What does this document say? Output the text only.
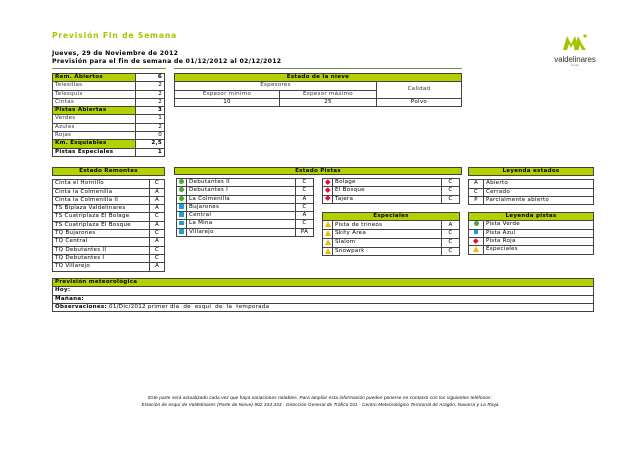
Previsión Fin de Semana
Jueves, 29 de Noviembre de 2012
Previsión para el fin de semana de 01/12/2012 al 02/12/2012	valdelinares
teruel
Rem. Abiertos	6
Telesillas	2
Telesquís	2
Cintas	2
Pistas Abiertas	3
Verdes	1
Azules	2
Rojas	0
Km. Esquiables	2,5
Pistas Especiales	1
Estado de la nieve		
Espesores		Calidad
Espesor mínimo	Espesor máximo	
10	25	Polvo
Estado Remontes	

Cinta el Hornillo	C
Cinta la Colmenilla	A
Cinta la Colmenilla II	A
TS Biplaza Valdelinares	A
TS Cuatriplaza El Bolage	C
TS Cuatriplaza El Bosque	A
TQ Bujarones	C
TQ Central	A
TQ Debutantes II	C
TQ Debutantes I	C
TQ Villarejo	A
Estado Pistas
	Debutantes II	C
	Debutantes I	C
	La Colmenilla	A
	Bujarones	C
	Central	A
	La Mina	C
	Villarejo	PA
	Bolage	C
	El Bosque	C
	Tajera	C
Especiales		
	Pista de trineos	A
	Skity Área	C
	Slalom	C
	Snowpark	C
Leyenda estados	

A	Abierto
C	Cerrado
P	Parcialmente abierto
Leyenda pistas	
	Pista Verde
	Pista Azul
	Pista Roja
	Especiales
Previsión meteorológica
Hoy:
Mañana:
Observaciones: 01/Dic/2012 primer día  de  esquí  de  la  temporada
Este parte será actualizado cada vez que haya variaciones notables. Para ampliar esta información pueden ponerse en contacto con los siguientes teléfonos:
Estación de esquí de Valdelinares (Parte de Nieve) 902 334 333 - Dirección General de Tráfico 011 - Centro Meteorológico Territorial de Aragón, Navarra y La Rioja
